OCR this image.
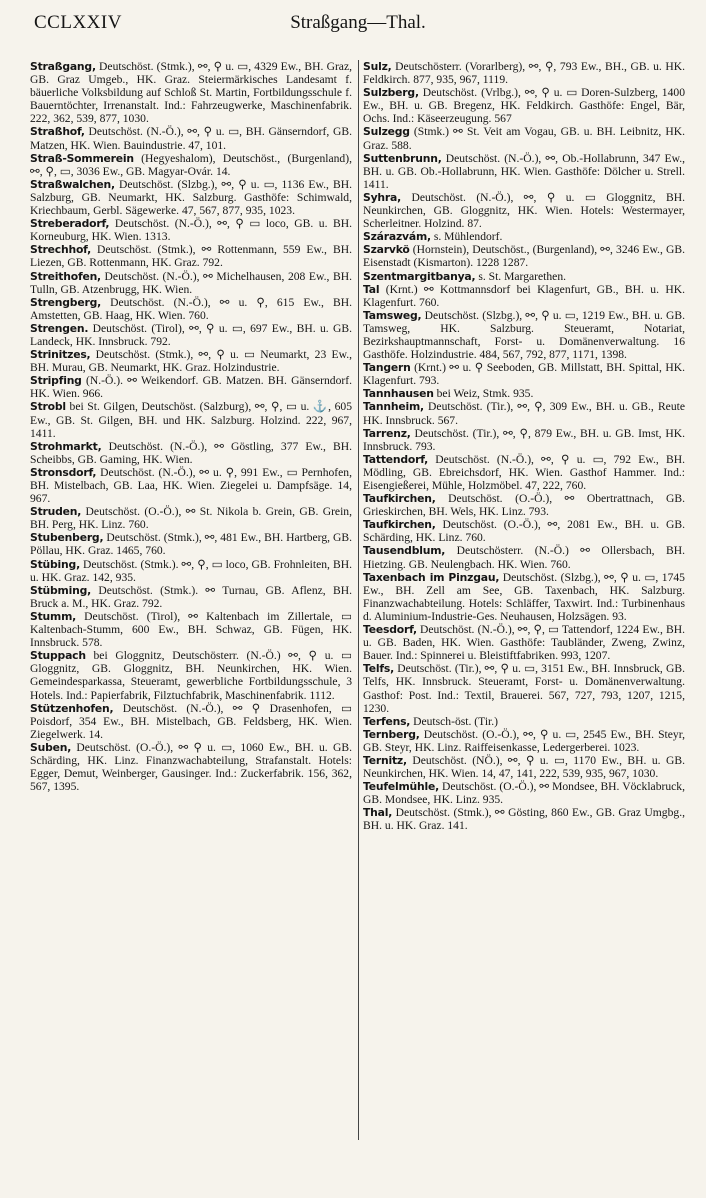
CCLXXIV	Straßgang—Thal.

Straßgang, Deutschöst. (Stmk.), ⚯, ⚲ u. ▭, 4329 Ew., BH. Graz, GB. Graz Umgeb., HK. Graz. Steiermärkisches Landesamt f. bäuerliche Volksbildung auf Schloß St. Martin, Fortbildungsschule f. Bauerntöchter, Irrenanstalt. Ind.: Fahrzeugwerke, Maschinenfabrik. 222, 362, 539, 877, 1030.

Straßhof, Deutschöst. (N.-Ö.), ⚯, ⚲ u. ▭, BH. Gänserndorf, GB. Matzen, HK. Wien. Bauindustrie. 47, 101.

Straß-Sommerein (Hegyeshalom), Deutschöst., (Burgenland), ⚯, ⚲, ▭, 3036 Ew., GB. Magyar-Ovár. 14.

Straßwalchen, Deutschöst. (Slzbg.), ⚯, ⚲ u. ▭, 1136 Ew., BH. Salzburg, GB. Neumarkt, HK. Salzburg. Gasthöfe: Schimwald, Kriechbaum, Gerbl. Sägewerke. 47, 567, 877, 935, 1023.

Streberadorf, Deutschöst. (N.-Ö.), ⚯, ⚲ ▭ loco, GB. u. BH. Korneuburg, HK. Wien. 1313.

Strechhof, Deutschöst. (Stmk.), ⚯ Rottenmann, 559 Ew., BH. Liezen, GB. Rottenmann, HK. Graz. 792.

Streithofen, Deutschöst. (N.-Ö.), ⚯ Michelhausen, 208 Ew., BH. Tulln, GB. Atzenbrugg, HK. Wien.

Strengberg, Deutschöst. (N.-Ö.), ⚯ u. ⚲, 615 Ew., BH. Amstetten, GB. Haag, HK. Wien. 760.

Strengen. Deutschöst. (Tirol), ⚯, ⚲ u. ▭, 697 Ew., BH. u. GB. Landeck, HK. Innsbruck. 792.

Strinitzes, Deutschöst. (Stmk.), ⚯, ⚲ u. ▭ Neumarkt, 23 Ew., BH. Murau, GB. Neumarkt, HK. Graz. Holzindustrie.

Stripfing (N.-Ö.). ⚯ Weikendorf. GB. Matzen. BH. Gänserndorf. HK. Wien. 966.

Strobl bei St. Gilgen, Deutschöst. (Salzburg), ⚯, ⚲, ▭ u. ⚓, 605 Ew., GB. St. Gilgen, BH. und HK. Salzburg. Holzind. 222, 967, 1411.

Strohmarkt, Deutschöst. (N.-Ö.), ⚯ Göstling, 377 Ew., BH. Scheibbs, GB. Gaming, HK. Wien.

Stronsdorf, Deutschöst. (N.-Ö.), ⚯ u. ⚲, 991 Ew., ▭ Pernhofen, BH. Mistelbach, GB. Laa, HK. Wien. Ziegelei u. Dampfsäge. 14, 967.

Struden, Deutschöst. (O.-Ö.), ⚯ St. Nikola b. Grein, GB. Grein, BH. Perg, HK. Linz. 760.

Stubenberg, Deutschöst. (Stmk.), ⚯, 481 Ew., BH. Hartberg, GB. Pöllau, HK. Graz. 1465, 760.

Stübing, Deutschöst. (Stmk.). ⚯, ⚲, ▭ loco, GB. Frohnleiten, BH. u. HK. Graz. 142, 935.

Stübming, Deutschöst. (Stmk.). ⚯ Turnau, GB. Aflenz, BH. Bruck a. M., HK. Graz. 792.

Stumm, Deutschöst. (Tirol), ⚯ Kaltenbach im Zillertale, ▭ Kaltenbach-Stumm, 600 Ew., BH. Schwaz, GB. Fügen, HK. Innsbruck. 578.

Stuppach bei Gloggnitz, Deutschösterr. (N.-Ö.) ⚯, ⚲ u. ▭ Gloggnitz, GB. Gloggnitz, BH. Neunkirchen, HK. Wien. Gemeindesparkassa, Steueramt, gewerbliche Fortbildungsschule, 3 Hotels. Ind.: Papierfabrik, Filztuchfabrik, Maschinenfabrik. 1112.

Stützenhofen, Deutschöst. (N.-Ö.), ⚯ ⚲ Drasenhofen, ▭ Poisdorf, 354 Ew., BH. Mistelbach, GB. Feldsberg, HK. Wien. Ziegelwerk. 14.

Suben, Deutschöst. (O.-Ö.), ⚯ ⚲ u. ▭, 1060 Ew., BH. u. GB. Schärding, HK. Linz. Finanzwachabteilung, Strafanstalt. Hotels: Egger, Demut, Weinberger, Gausinger. Ind.: Zuckerfabrik. 156, 362, 567, 1395.

Sulz, Deutschösterr. (Vorarlberg), ⚯, ⚲, 793 Ew., BH., GB. u. HK. Feldkirch. 877, 935, 967, 1119.

Sulzberg, Deutschöst. (Vrlbg.), ⚯, ⚲ u. ▭ Doren-Sulzberg, 1400 Ew., BH. u. GB. Bregenz, HK. Feldkirch. Gasthöfe: Engel, Bär, Ochs. Ind.: Käseerzeugung. 567

Sulzegg (Stmk.) ⚯ St. Veit am Vogau, GB. u. BH. Leibnitz, HK. Graz. 588.

Suttenbrunn, Deutschöst. (N.-Ö.), ⚯, Ob.-Hollabrunn, 347 Ew., BH. u. GB. Ob.-Hollabrunn, HK. Wien. Gasthöfe: Dölcher u. Strell. 1411.

Syhra, Deutschöst. (N.-Ö.), ⚯, ⚲ u. ▭ Gloggnitz, BH. Neunkirchen, GB. Gloggnitz, HK. Wien. Hotels: Westermayer, Scherleitner. Holzind. 87.

Szárazvám, s. Mühlendorf.

Szarvkö (Hornstein), Deutschöst., (Burgenland), ⚯, 3246 Ew., GB. Eisenstadt (Kismarton). 1228 1287.

Szentmargitbanya, s. St. Margarethen.

Tal (Krnt.) ⚯ Kottmannsdorf bei Klagenfurt, GB., BH. u. HK. Klagenfurt. 760.

Tamsweg, Deutschöst. (Slzbg.), ⚯, ⚲ u. ▭, 1219 Ew., BH. u. GB. Tamsweg, HK. Salzburg. Steueramt, Notariat, Bezirkshauptmannschaft, Forst- u. Domänenverwaltung. 16 Gasthöfe. Holzindustrie. 484, 567, 792, 877, 1171, 1398.

Tangern (Krnt.) ⚯ u. ⚲ Seeboden, GB. Millstatt, BH. Spittal, HK. Klagenfurt. 793.

Tannhausen bei Weiz, Stmk. 935.

Tannheim, Deutschöst. (Tir.), ⚯, ⚲, 309 Ew., BH. u. GB., Reute HK. Innsbruck. 567.

Tarrenz, Deutschöst. (Tir.), ⚯, ⚲, 879 Ew., BH. u. GB. Imst, HK. Innsbruck. 793.

Tattendorf, Deutschöst. (N.-Ö.), ⚯, ⚲ u. ▭, 792 Ew., BH. Mödling, GB. Ebreichsdorf, HK. Wien. Gasthof Hammer. Ind.: Eisengießerei, Mühle, Holzmöbel. 47, 222, 760.

Taufkirchen, Deutschöst. (O.-Ö.), ⚯ Obertrattnach, GB. Grieskirchen, BH. Wels, HK. Linz. 793.

Taufkirchen, Deutschöst. (O.-Ö.), ⚯, 2081 Ew., BH. u. GB. Schärding, HK. Linz. 760.

Tausendblum, Deutschösterr. (N.-Ö.) ⚯ Ollersbach, BH. Hietzing. GB. Neulengbach. HK. Wien. 760.

Taxenbach im Pinzgau, Deutschöst. (Slzbg.), ⚯, ⚲ u. ▭, 1745 Ew., BH. Zell am See, GB. Taxenbach, HK. Salzburg. Finanzwachabteilung. Hotels: Schläffer, Taxwirt. Ind.: Turbinenhaus d. Aluminium-Industrie-Ges. Neuhausen, Holzsägen. 93.

Teesdorf, Deutschöst. (N.-Ö.), ⚯, ⚲, ▭ Tattendorf, 1224 Ew., BH. u. GB. Baden, HK. Wien. Gasthöfe: Taubländer, Zweng, Zwinz, Bauer. Ind.: Spinnerei u. Bleistiftfabriken. 993, 1207.

Telfs, Deutschöst. (Tir.), ⚯, ⚲ u. ▭, 3151 Ew., BH. Innsbruck, GB. Telfs, HK. Innsbruck. Steueramt, Forst- u. Domänenverwaltung. Gasthof: Post. Ind.: Textil, Brauerei. 567, 727, 793, 1207, 1215, 1230.

Terfens, Deutsch-öst. (Tir.)

Ternberg, Deutschöst. (O.-Ö.), ⚯, ⚲ u. ▭, 2545 Ew., BH. Steyr, GB. Steyr, HK. Linz. Raiffeisenkasse, Ledergerberei. 1023.

Ternitz, Deutschöst. (NÖ.), ⚯, ⚲ u. ▭, 1170 Ew., BH. u. GB. Neunkirchen, HK. Wien. 14, 47, 141, 222, 539, 935, 967, 1030.

Teufelmühle, Deutschöst. (O.-Ö.), ⚯ Mondsee, BH. Vöcklabruck, GB. Mondsee, HK. Linz. 935.

Thal, Deutschöst. (Stmk.), ⚯ Gösting, 860 Ew., GB. Graz Umgbg., BH. u. HK. Graz. 141.
